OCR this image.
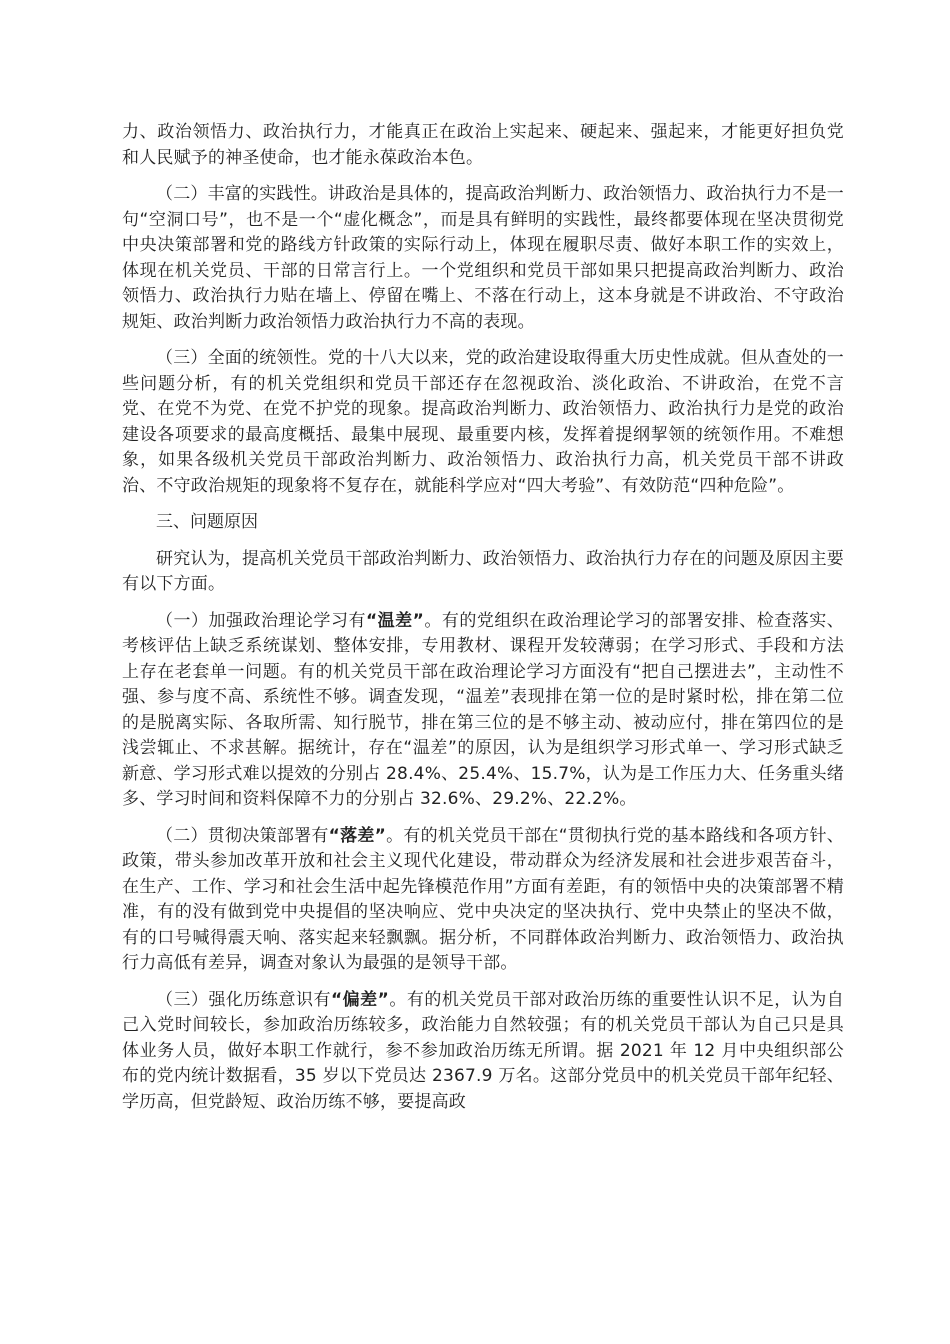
力、政治领悟力、政治执行力，才能真正在政治上实起来、硬起来、强起来，才能更好担负党和人民赋予的神圣使命，也才能永葆政治本色。

（二）丰富的实践性。讲政治是具体的，提高政治判断力、政治领悟力、政治执行力不是一句“空洞口号”，也不是一个“虚化概念”，而是具有鲜明的实践性，最终都要体现在坚决贯彻党中央决策部署和党的路线方针政策的实际行动上，体现在履职尽责、做好本职工作的实效上，体现在机关党员、干部的日常言行上。一个党组织和党员干部如果只把提高政治判断力、政治领悟力、政治执行力贴在墙上、停留在嘴上、不落在行动上，这本身就是不讲政治、不守政治规矩、政治判断力政治领悟力政治执行力不高的表现。

（三）全面的统领性。党的十八大以来，党的政治建设取得重大历史性成就。但从查处的一些问题分析，有的机关党组织和党员干部还存在忽视政治、淡化政治、不讲政治，在党不言党、在党不为党、在党不护党的现象。提高政治判断力、政治领悟力、政治执行力是党的政治建设各项要求的最高度概括、最集中展现、最重要内核，发挥着提纲挈领的统领作用。不难想象，如果各级机关党员干部政治判断力、政治领悟力、政治执行力高，机关党员干部不讲政治、不守政治规矩的现象将不复存在，就能科学应对“四大考验”、有效防范“四种危险”。

三、问题原因

研究认为，提高机关党员干部政治判断力、政治领悟力、政治执行力存在的问题及原因主要有以下方面。

（一）加强政治理论学习有“温差”。有的党组织在政治理论学习的部署安排、检查落实、考核评估上缺乏系统谋划、整体安排，专用教材、课程开发较薄弱；在学习形式、手段和方法上存在老套单一问题。有的机关党员干部在政治理论学习方面没有“把自己摆进去”，主动性不强、参与度不高、系统性不够。调查发现，“温差”表现排在第一位的是时紧时松，排在第二位的是脱离实际、各取所需、知行脱节，排在第三位的是不够主动、被动应付，排在第四位的是浅尝辄止、不求甚解。据统计，存在“温差”的原因，认为是组织学习形式单一、学习形式缺乏新意、学习形式难以提效的分别占 28.4%、25.4%、15.7%，认为是工作压力大、任务重头绪多、学习时间和资料保障不力的分别占 32.6%、29.2%、22.2%。

（二）贯彻决策部署有“落差”。有的机关党员干部在“贯彻执行党的基本路线和各项方针、政策，带头参加改革开放和社会主义现代化建设，带动群众为经济发展和社会进步艰苦奋斗，在生产、工作、学习和社会生活中起先锋模范作用”方面有差距，有的领悟中央的决策部署不精准，有的没有做到党中央提倡的坚决响应、党中央决定的坚决执行、党中央禁止的坚决不做，有的口号喊得震天响、落实起来轻飘飘。据分析，不同群体政治判断力、政治领悟力、政治执行力高低有差异，调查对象认为最强的是领导干部。

（三）强化历练意识有“偏差”。有的机关党员干部对政治历练的重要性认识不足，认为自己入党时间较长，参加政治历练较多，政治能力自然较强；有的机关党员干部认为自己只是具体业务人员，做好本职工作就行，参不参加政治历练无所谓。据 2021 年 12 月中央组织部公布的党内统计数据看，35 岁以下党员达 2367.9 万名。这部分党员中的机关党员干部年纪轻、学历高，但党龄短、政治历练不够，要提高政
